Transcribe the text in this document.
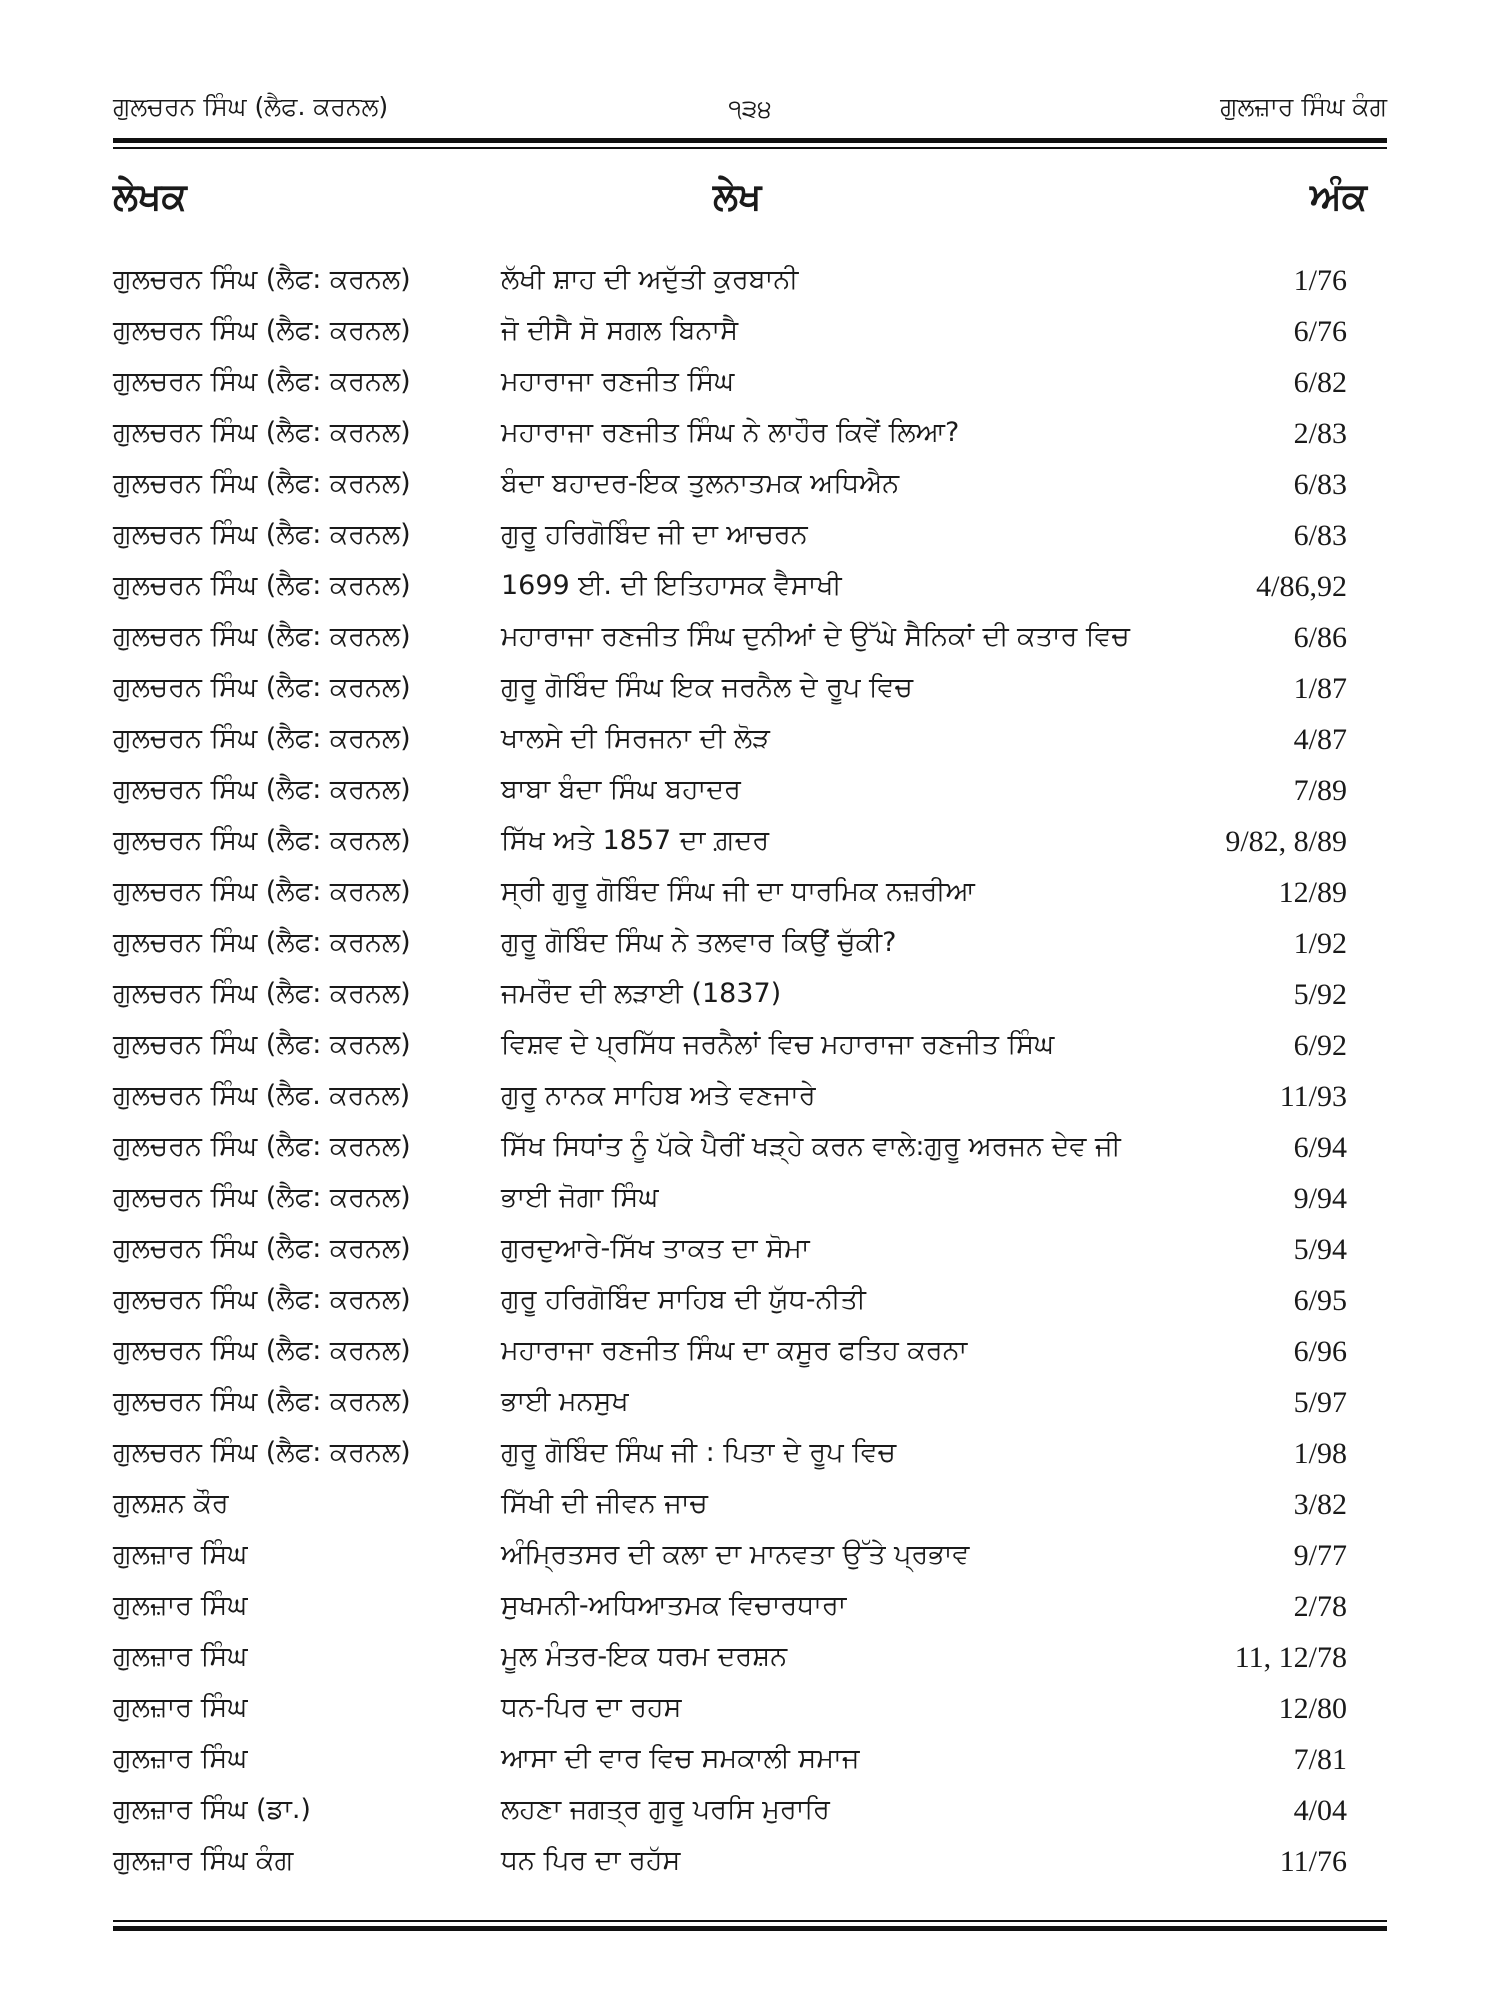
ਗੁਲਚਰਨ ਸਿੰਘ (ਲੈਫ. ਕਰਨਲ)	੧੩੪	ਗੁਲਜ਼ਾਰ ਸਿੰਘ ਕੰਗ
ਲੇਖਕ	ਲੇਖ	ਅੰਕ
ਗੁਲਚਰਨ ਸਿੰਘ (ਲੈਫ: ਕਰਨਲ)	ਲੱਖੀ ਸ਼ਾਹ ਦੀ ਅਦੁੱਤੀ ਕੁਰਬਾਨੀ	1/76
ਗੁਲਚਰਨ ਸਿੰਘ (ਲੈਫ: ਕਰਨਲ)	ਜੋ ਦੀਸੈ ਸੋ ਸਗਲ ਬਿਨਾਸੈ	6/76
ਗੁਲਚਰਨ ਸਿੰਘ (ਲੈਫ: ਕਰਨਲ)	ਮਹਾਰਾਜਾ ਰਣਜੀਤ ਸਿੰਘ	6/82
ਗੁਲਚਰਨ ਸਿੰਘ (ਲੈਫ: ਕਰਨਲ)	ਮਹਾਰਾਜਾ ਰਣਜੀਤ ਸਿੰਘ ਨੇ ਲਾਹੌਰ ਕਿਵੇਂ ਲਿਆ?	2/83
ਗੁਲਚਰਨ ਸਿੰਘ (ਲੈਫ: ਕਰਨਲ)	ਬੰਦਾ ਬਹਾਦਰ-ਇਕ ਤੁਲਨਾਤਮਕ ਅਧਿਐਨ	6/83
ਗੁਲਚਰਨ ਸਿੰਘ (ਲੈਫ: ਕਰਨਲ)	ਗੁਰੂ ਹਰਿਗੋਬਿੰਦ ਜੀ ਦਾ ਆਚਰਨ	6/83
ਗੁਲਚਰਨ ਸਿੰਘ (ਲੈਫ: ਕਰਨਲ)	1699 ਈ. ਦੀ ਇਤਿਹਾਸਕ ਵੈਸਾਖੀ	4/86,92
ਗੁਲਚਰਨ ਸਿੰਘ (ਲੈਫ: ਕਰਨਲ)	ਮਹਾਰਾਜਾ ਰਣਜੀਤ ਸਿੰਘ ਦੁਨੀਆਂ ਦੇ ਉੱਘੇ ਸੈਨਿਕਾਂ ਦੀ ਕਤਾਰ ਵਿਚ	6/86
ਗੁਲਚਰਨ ਸਿੰਘ (ਲੈਫ: ਕਰਨਲ)	ਗੁਰੂ ਗੋਬਿੰਦ ਸਿੰਘ ਇਕ ਜਰਨੈਲ ਦੇ ਰੂਪ ਵਿਚ	1/87
ਗੁਲਚਰਨ ਸਿੰਘ (ਲੈਫ: ਕਰਨਲ)	ਖਾਲਸੇ ਦੀ ਸਿਰਜਨਾ ਦੀ ਲੋੜ	4/87
ਗੁਲਚਰਨ ਸਿੰਘ (ਲੈਫ: ਕਰਨਲ)	ਬਾਬਾ ਬੰਦਾ ਸਿੰਘ ਬਹਾਦਰ	7/89
ਗੁਲਚਰਨ ਸਿੰਘ (ਲੈਫ: ਕਰਨਲ)	ਸਿੱਖ ਅਤੇ 1857 ਦਾ ਗ਼ਦਰ	9/82, 8/89
ਗੁਲਚਰਨ ਸਿੰਘ (ਲੈਫ: ਕਰਨਲ)	ਸ੍ਰੀ ਗੁਰੂ ਗੋਬਿੰਦ ਸਿੰਘ ਜੀ ਦਾ ਧਾਰਮਿਕ ਨਜ਼ਰੀਆ	12/89
ਗੁਲਚਰਨ ਸਿੰਘ (ਲੈਫ: ਕਰਨਲ)	ਗੁਰੂ ਗੋਬਿੰਦ ਸਿੰਘ ਨੇ ਤਲਵਾਰ ਕਿਉਂ ਚੁੱਕੀ?	1/92
ਗੁਲਚਰਨ ਸਿੰਘ (ਲੈਫ: ਕਰਨਲ)	ਜਮਰੌਦ ਦੀ ਲੜਾਈ (1837)	5/92
ਗੁਲਚਰਨ ਸਿੰਘ (ਲੈਫ: ਕਰਨਲ)	ਵਿਸ਼ਵ ਦੇ ਪ੍ਰਸਿੱਧ ਜਰਨੈਲਾਂ ਵਿਚ ਮਹਾਰਾਜਾ ਰਣਜੀਤ ਸਿੰਘ	6/92
ਗੁਲਚਰਨ ਸਿੰਘ (ਲੈਫ. ਕਰਨਲ)	ਗੁਰੂ ਨਾਨਕ ਸਾਹਿਬ ਅਤੇ ਵਣਜਾਰੇ	11/93
ਗੁਲਚਰਨ ਸਿੰਘ (ਲੈਫ: ਕਰਨਲ)	ਸਿੱਖ ਸਿਧਾਂਤ ਨੂੰ ਪੱਕੇ ਪੈਰੀਂ ਖੜ੍ਹੇ ਕਰਨ ਵਾਲੇ:ਗੁਰੂ ਅਰਜਨ ਦੇਵ ਜੀ	6/94
ਗੁਲਚਰਨ ਸਿੰਘ (ਲੈਫ: ਕਰਨਲ)	ਭਾਈ ਜੋਗਾ ਸਿੰਘ	9/94
ਗੁਲਚਰਨ ਸਿੰਘ (ਲੈਫ: ਕਰਨਲ)	ਗੁਰਦੁਆਰੇ-ਸਿੱਖ ਤਾਕਤ ਦਾ ਸੋਮਾ	5/94
ਗੁਲਚਰਨ ਸਿੰਘ (ਲੈਫ: ਕਰਨਲ)	ਗੁਰੂ ਹਰਿਗੋਬਿੰਦ ਸਾਹਿਬ ਦੀ ਯੁੱਧ-ਨੀਤੀ	6/95
ਗੁਲਚਰਨ ਸਿੰਘ (ਲੈਫ: ਕਰਨਲ)	ਮਹਾਰਾਜਾ ਰਣਜੀਤ ਸਿੰਘ ਦਾ ਕਸੂਰ ਫਤਿਹ ਕਰਨਾ	6/96
ਗੁਲਚਰਨ ਸਿੰਘ (ਲੈਫ: ਕਰਨਲ)	ਭਾਈ ਮਨਸੁਖ	5/97
ਗੁਲਚਰਨ ਸਿੰਘ (ਲੈਫ: ਕਰਨਲ)	ਗੁਰੂ ਗੋਬਿੰਦ ਸਿੰਘ ਜੀ : ਪਿਤਾ ਦੇ ਰੂਪ ਵਿਚ	1/98
ਗੁਲਸ਼ਨ ਕੌਰ	ਸਿੱਖੀ ਦੀ ਜੀਵਨ ਜਾਚ	3/82
ਗੁਲਜ਼ਾਰ ਸਿੰਘ	ਅੰਮ੍ਰਿਤਸਰ ਦੀ ਕਲਾ ਦਾ ਮਾਨਵਤਾ ਉੱਤੇ ਪ੍ਰਭਾਵ	9/77
ਗੁਲਜ਼ਾਰ ਸਿੰਘ	ਸੁਖਮਨੀ-ਅਧਿਆਤਮਕ ਵਿਚਾਰਧਾਰਾ	2/78
ਗੁਲਜ਼ਾਰ ਸਿੰਘ	ਮੂਲ ਮੰਤਰ-ਇਕ ਧਰਮ ਦਰਸ਼ਨ	11, 12/78
ਗੁਲਜ਼ਾਰ ਸਿੰਘ	ਧਨ-ਪਿਰ ਦਾ ਰਹਸ	12/80
ਗੁਲਜ਼ਾਰ ਸਿੰਘ	ਆਸਾ ਦੀ ਵਾਰ ਵਿਚ ਸਮਕਾਲੀ ਸਮਾਜ	7/81
ਗੁਲਜ਼ਾਰ ਸਿੰਘ (ਡਾ.)	ਲਹਣਾ ਜਗਤ੍ਰ ਗੁਰੂ ਪਰਸਿ ਮੁਰਾਰਿ	4/04
ਗੁਲਜ਼ਾਰ ਸਿੰਘ ਕੰਗ	ਧਨ ਪਿਰ ਦਾ ਰਹੱਸ	11/76
